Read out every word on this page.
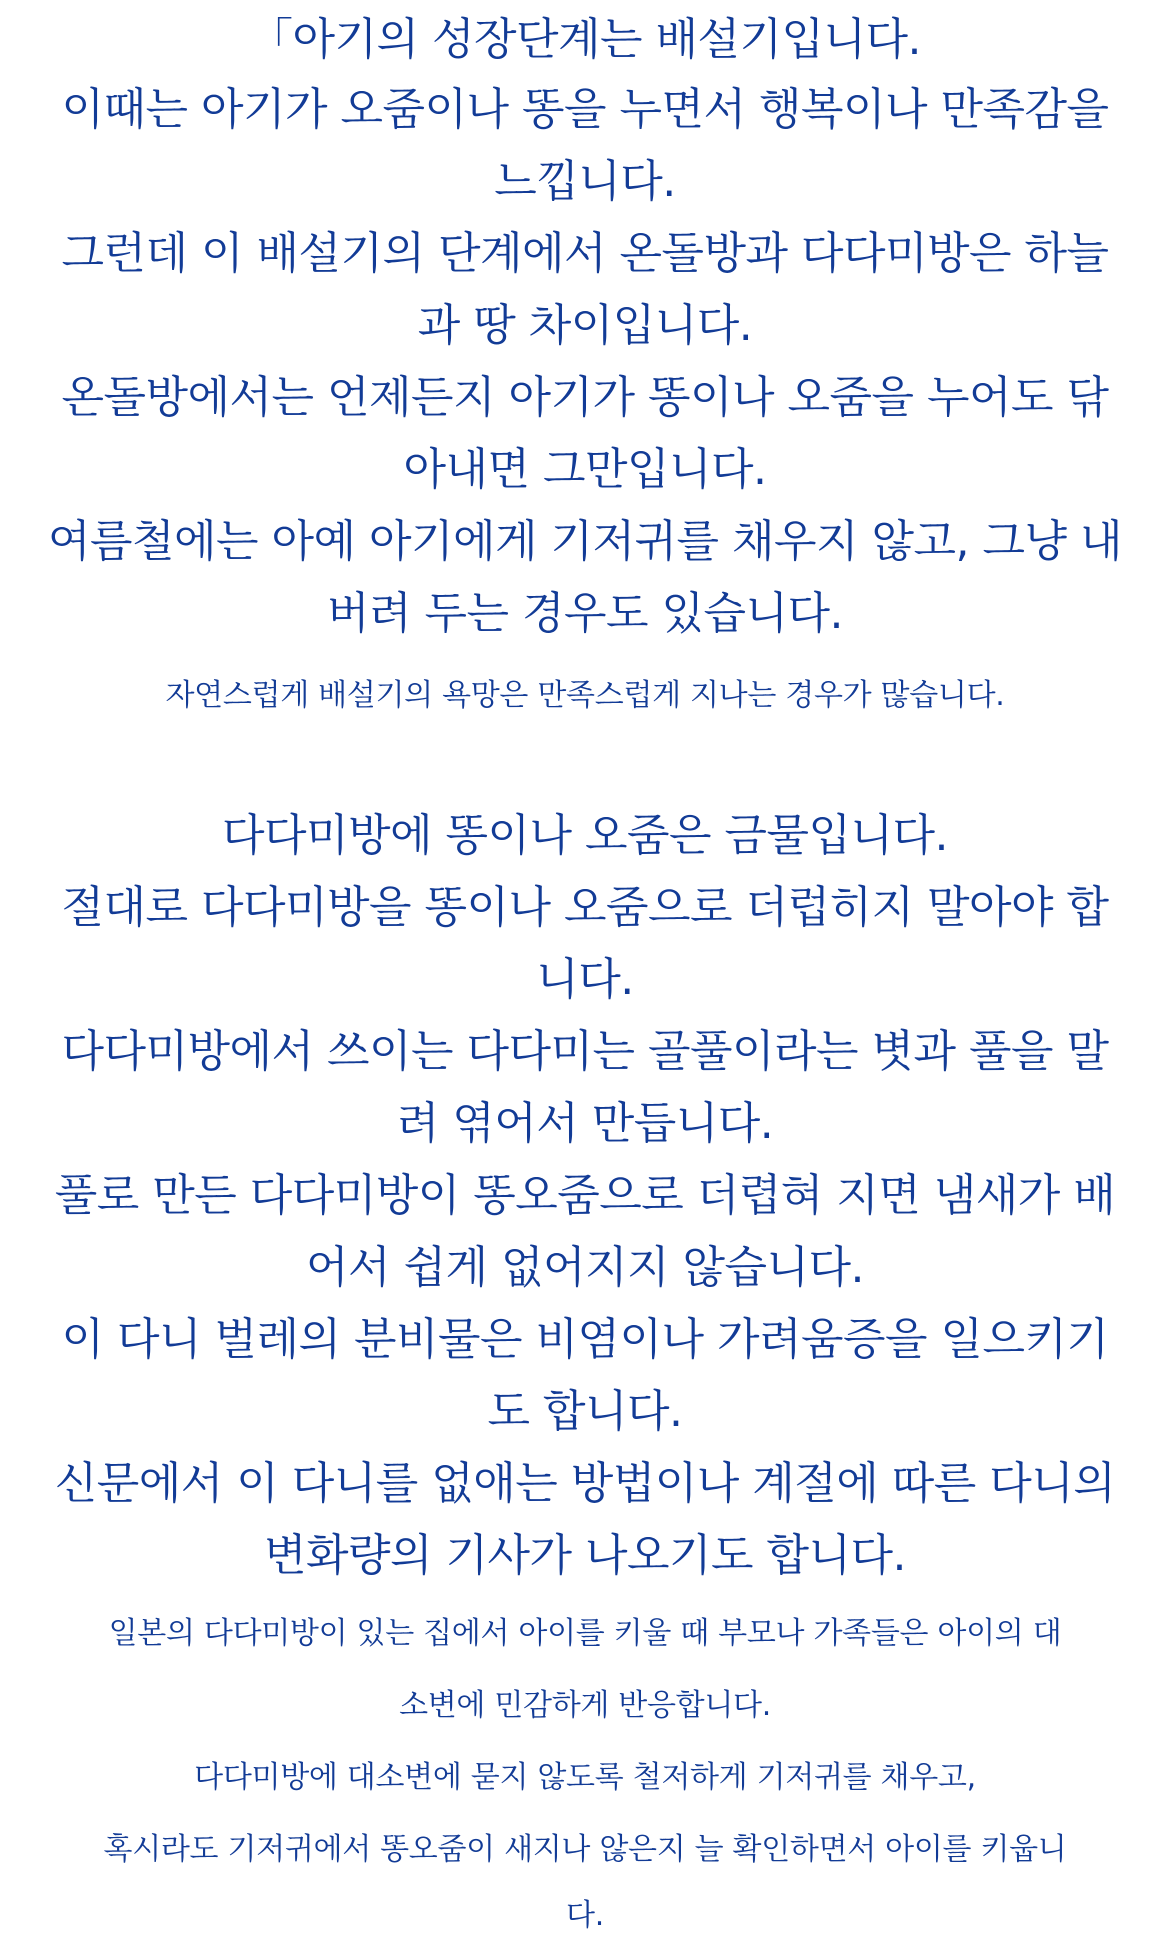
「아기의 성장단계는 배설기입니다.
이때는 아기가 오줌이나 똥을 누면서 행복이나 만족감을
느낍니다.
그런데 이 배설기의 단계에서 온돌방과 다다미방은 하늘
과 땅 차이입니다.
온돌방에서는 언제든지 아기가 똥이나 오줌을 누어도 닦
아내면 그만입니다.
여름철에는 아예 아기에게 기저귀를 채우지 않고, 그냥 내
버려 두는 경우도 있습니다.
자연스럽게 배설기의 욕망은 만족스럽게 지나는 경우가 많습니다.
다다미방에 똥이나 오줌은 금물입니다.
절대로 다다미방을 똥이나 오줌으로 더럽히지 말아야 합
니다.
다다미방에서 쓰이는 다다미는 골풀이라는 볏과 풀을 말
려 엮어서 만듭니다.
풀로 만든 다다미방이 똥오줌으로 더렵혀 지면 냄새가 배
어서 쉽게 없어지지 않습니다.
이 다니 벌레의 분비물은 비염이나 가려움증을 일으키기
도 합니다.
신문에서 이 다니를 없애는 방법이나 계절에 따른 다니의
변화량의 기사가 나오기도 합니다.
일본의 다다미방이 있는 집에서 아이를 키울 때 부모나 가족들은 아이의 대
소변에 민감하게 반응합니다.
다다미방에 대소변에 묻지 않도록 철저하게 기저귀를 채우고,
혹시라도 기저귀에서 똥오줌이 새지나 않은지 늘 확인하면서 아이를 키웁니
다.
